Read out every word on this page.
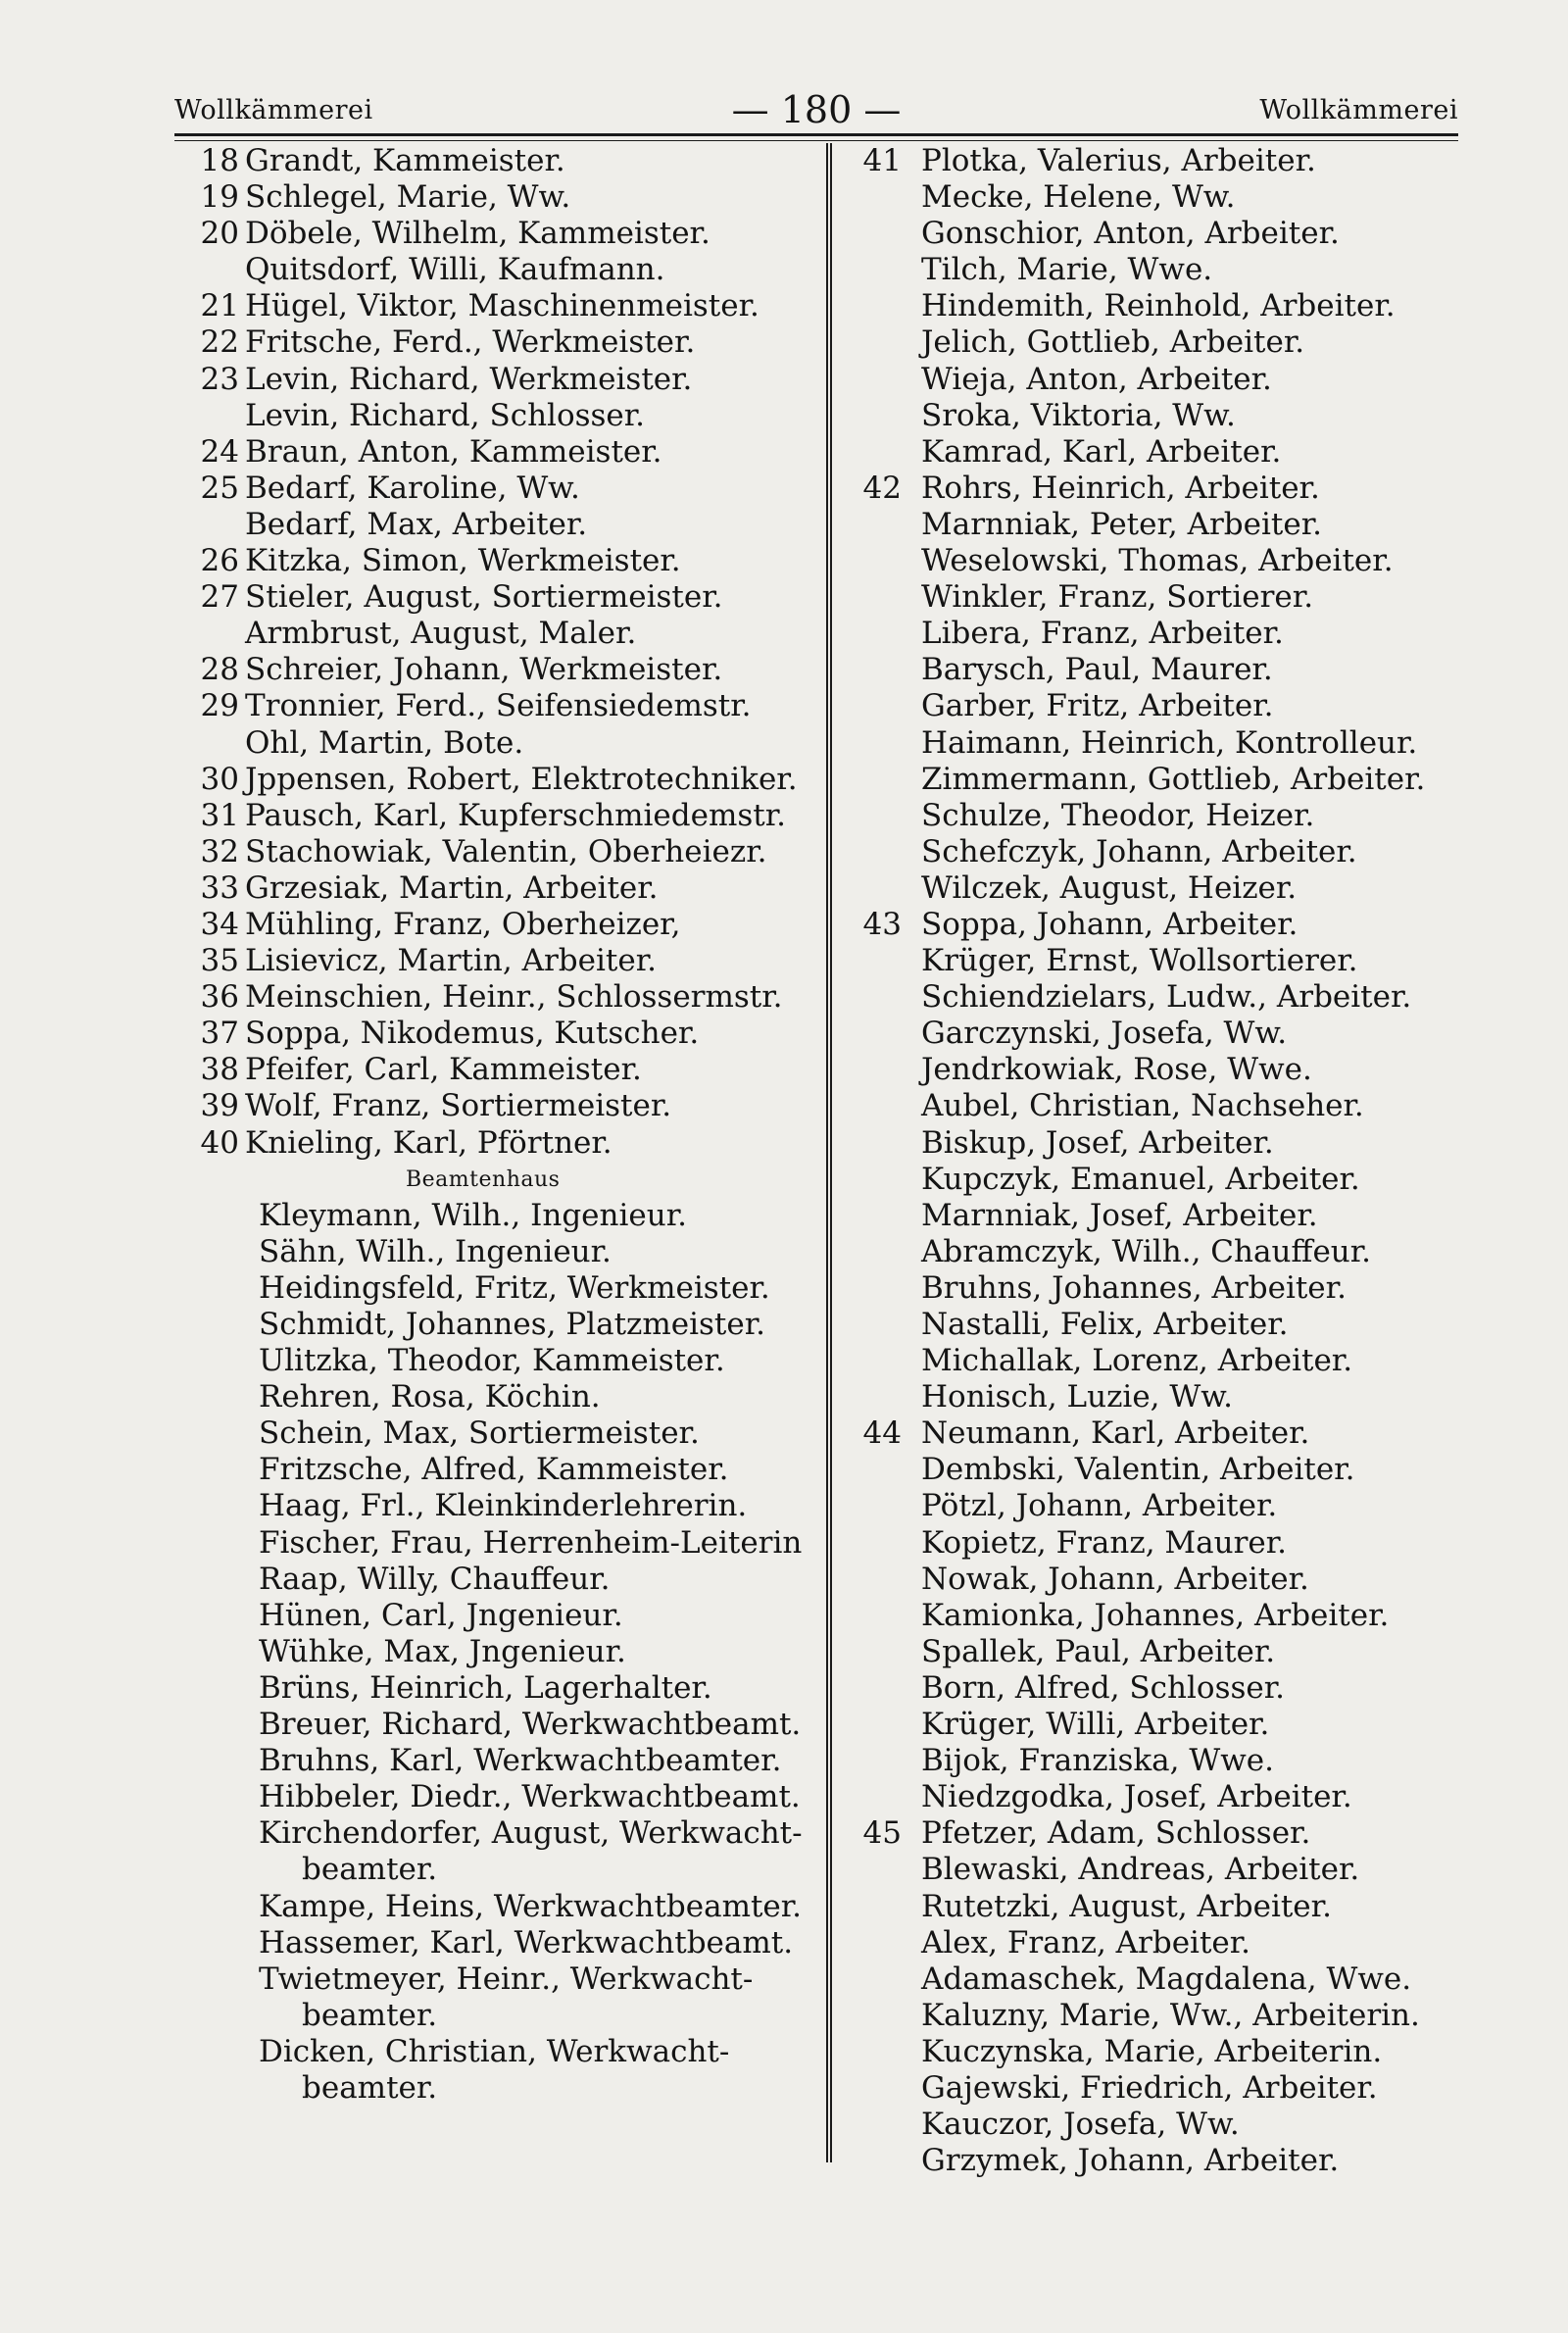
Wollkämmerei	— 180 —	Wollkämmerei
18 Grandt, Kammeister.
19 Schlegel, Marie, Ww.
20 Döbele, Wilhelm, Kammeister.
Quitsdorf, Willi, Kaufmann.
21 Hügel, Viktor, Maschinenmeister.
22 Fritsche, Ferd., Werkmeister.
23 Levin, Richard, Werkmeister.
Levin, Richard, Schlosser.
24 Braun, Anton, Kammeister.
25 Bedarf, Karoline, Ww.
Bedarf, Max, Arbeiter.
26 Kitzka, Simon, Werkmeister.
27 Stieler, August, Sortiermeister.
Armbrust, August, Maler.
28 Schreier, Johann, Werkmeister.
29 Tronnier, Ferd., Seifensiedemstr.
Ohl, Martin, Bote.
30 Jppensen, Robert, Elektrotechniker.
31 Pausch, Karl, Kupferschmiedemstr.
32 Stachowiak, Valentin, Oberheiezr.
33 Grzesiak, Martin, Arbeiter.
34 Mühling, Franz, Oberheizer,
35 Lisievicz, Martin, Arbeiter.
36 Meinschien, Heinr., Schlossermstr.
37 Soppa, Nikodemus, Kutscher.
38 Pfeifer, Carl, Kammeister.
39 Wolf, Franz, Sortiermeister.
40 Knieling, Karl, Pförtner.
Beamtenhaus
Kleymann, Wilh., Ingenieur.
Sähn, Wilh., Ingenieur.
Heidingsfeld, Fritz, Werkmeister.
Schmidt, Johannes, Platzmeister.
Ulitzka, Theodor, Kammeister.
Rehren, Rosa, Köchin.
Schein, Max, Sortiermeister.
Fritzsche, Alfred, Kammeister.
Haag, Frl., Kleinkinderlehrerin.
Fischer, Frau, Herrenheim-Leiterin
Raap, Willy, Chauffeur.
Hünen, Carl, Jngenieur.
Wühke, Max, Jngenieur.
Brüns, Heinrich, Lagerhalter.
Breuer, Richard, Werkwachtbeamt.
Bruhns, Karl, Werkwachtbeamter.
Hibbeler, Diedr., Werkwachtbeamt.
Kirchendorfer, August, Werkwacht-
beamter.
Kampe, Heins, Werkwachtbeamter.
Hassemer, Karl, Werkwachtbeamt.
Twietmeyer, Heinr., Werkwacht-
beamter.
Dicken, Christian, Werkwacht-
beamter.
41 Plotka, Valerius, Arbeiter.
Mecke, Helene, Ww.
Gonschior, Anton, Arbeiter.
Tilch, Marie, Wwe.
Hindemith, Reinhold, Arbeiter.
Jelich, Gottlieb, Arbeiter.
Wieja, Anton, Arbeiter.
Sroka, Viktoria, Ww.
Kamrad, Karl, Arbeiter.
42 Rohrs, Heinrich, Arbeiter.
Marnniak, Peter, Arbeiter.
Weselowski, Thomas, Arbeiter.
Winkler, Franz, Sortierer.
Libera, Franz, Arbeiter.
Barysch, Paul, Maurer.
Garber, Fritz, Arbeiter.
Haimann, Heinrich, Kontrolleur.
Zimmermann, Gottlieb, Arbeiter.
Schulze, Theodor, Heizer.
Schefczyk, Johann, Arbeiter.
Wilczek, August, Heizer.
43 Soppa, Johann, Arbeiter.
Krüger, Ernst, Wollsortierer.
Schiendzielars, Ludw., Arbeiter.
Garczynski, Josefa, Ww.
Jendrkowiak, Rose, Wwe.
Aubel, Christian, Nachseher.
Biskup, Josef, Arbeiter.
Kupczyk, Emanuel, Arbeiter.
Marnniak, Josef, Arbeiter.
Abramczyk, Wilh., Chauffeur.
Bruhns, Johannes, Arbeiter.
Nastalli, Felix, Arbeiter.
Michallak, Lorenz, Arbeiter.
Honisch, Luzie, Ww.
44 Neumann, Karl, Arbeiter.
Dembski, Valentin, Arbeiter.
Pötzl, Johann, Arbeiter.
Kopietz, Franz, Maurer.
Nowak, Johann, Arbeiter.
Kamionka, Johannes, Arbeiter.
Spallek, Paul, Arbeiter.
Born, Alfred, Schlosser.
Krüger, Willi, Arbeiter.
Bijok, Franziska, Wwe.
Niedzgodka, Josef, Arbeiter.
45 Pfetzer, Adam, Schlosser.
Blewaski, Andreas, Arbeiter.
Rutetzki, August, Arbeiter.
Alex, Franz, Arbeiter.
Adamaschek, Magdalena, Wwe.
Kaluzny, Marie, Ww., Arbeiterin.
Kuczynska, Marie, Arbeiterin.
Gajewski, Friedrich, Arbeiter.
Kauczor, Josefa, Ww.
Grzymek, Johann, Arbeiter.
